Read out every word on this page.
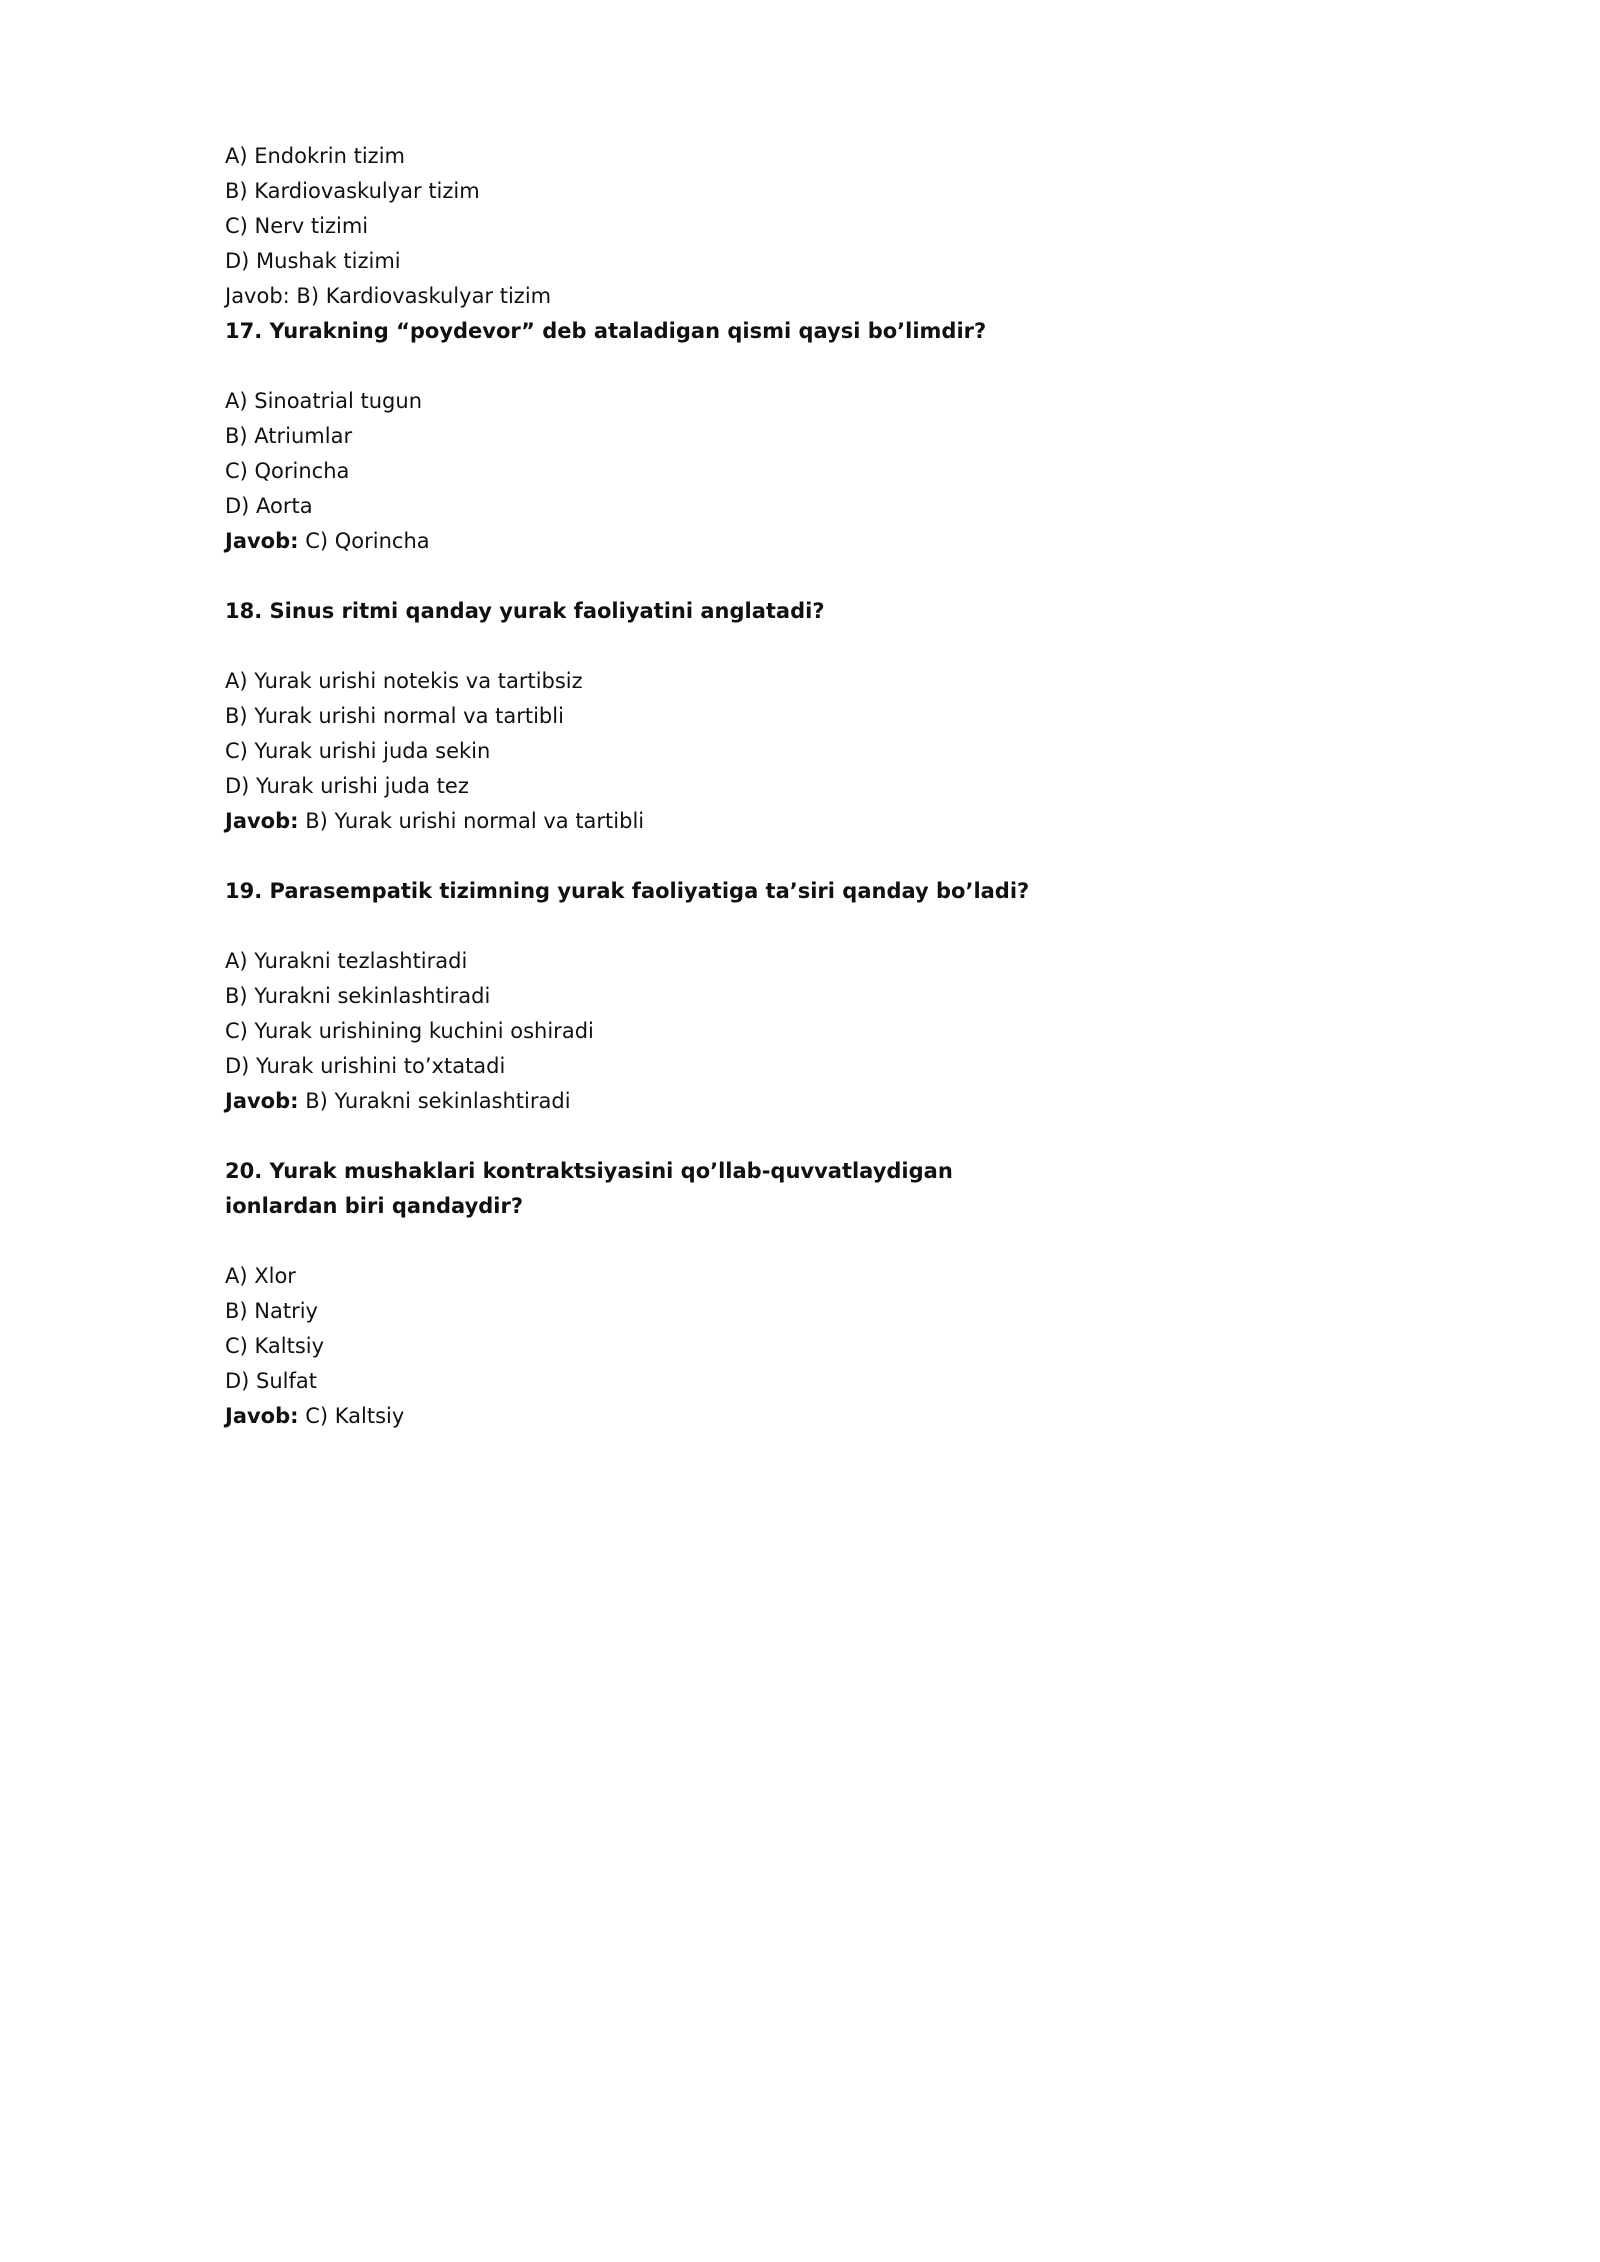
A) Endokrin tizim
B) Kardiovaskulyar tizim
C) Nerv tizimi
D) Mushak tizimi
Javob: B) Kardiovaskulyar tizim
17. Yurakning “poydevor” deb ataladigan qismi qaysi bo’limdir?
A) Sinoatrial tugun
B) Atriumlar
C) Qorincha
D) Aorta
Javob: C) Qorincha
18. Sinus ritmi qanday yurak faoliyatini anglatadi?
A) Yurak urishi notekis va tartibsiz
B) Yurak urishi normal va tartibli
C) Yurak urishi juda sekin
D) Yurak urishi juda tez
Javob: B) Yurak urishi normal va tartibli
19. Parasempatik tizimning yurak faoliyatiga ta’siri qanday bo’ladi?
A) Yurakni tezlashtiradi
B) Yurakni sekinlashtiradi
C) Yurak urishining kuchini oshiradi
D) Yurak urishini to’xtatadi
Javob: B) Yurakni sekinlashtiradi
20. Yurak mushaklari kontraktsiyasini qo’llab-quvvatlaydigan ionlardan biri qandaydir?
A) Xlor
B) Natriy
C) Kaltsiy
D) Sulfat
Javob: C) Kaltsiy
